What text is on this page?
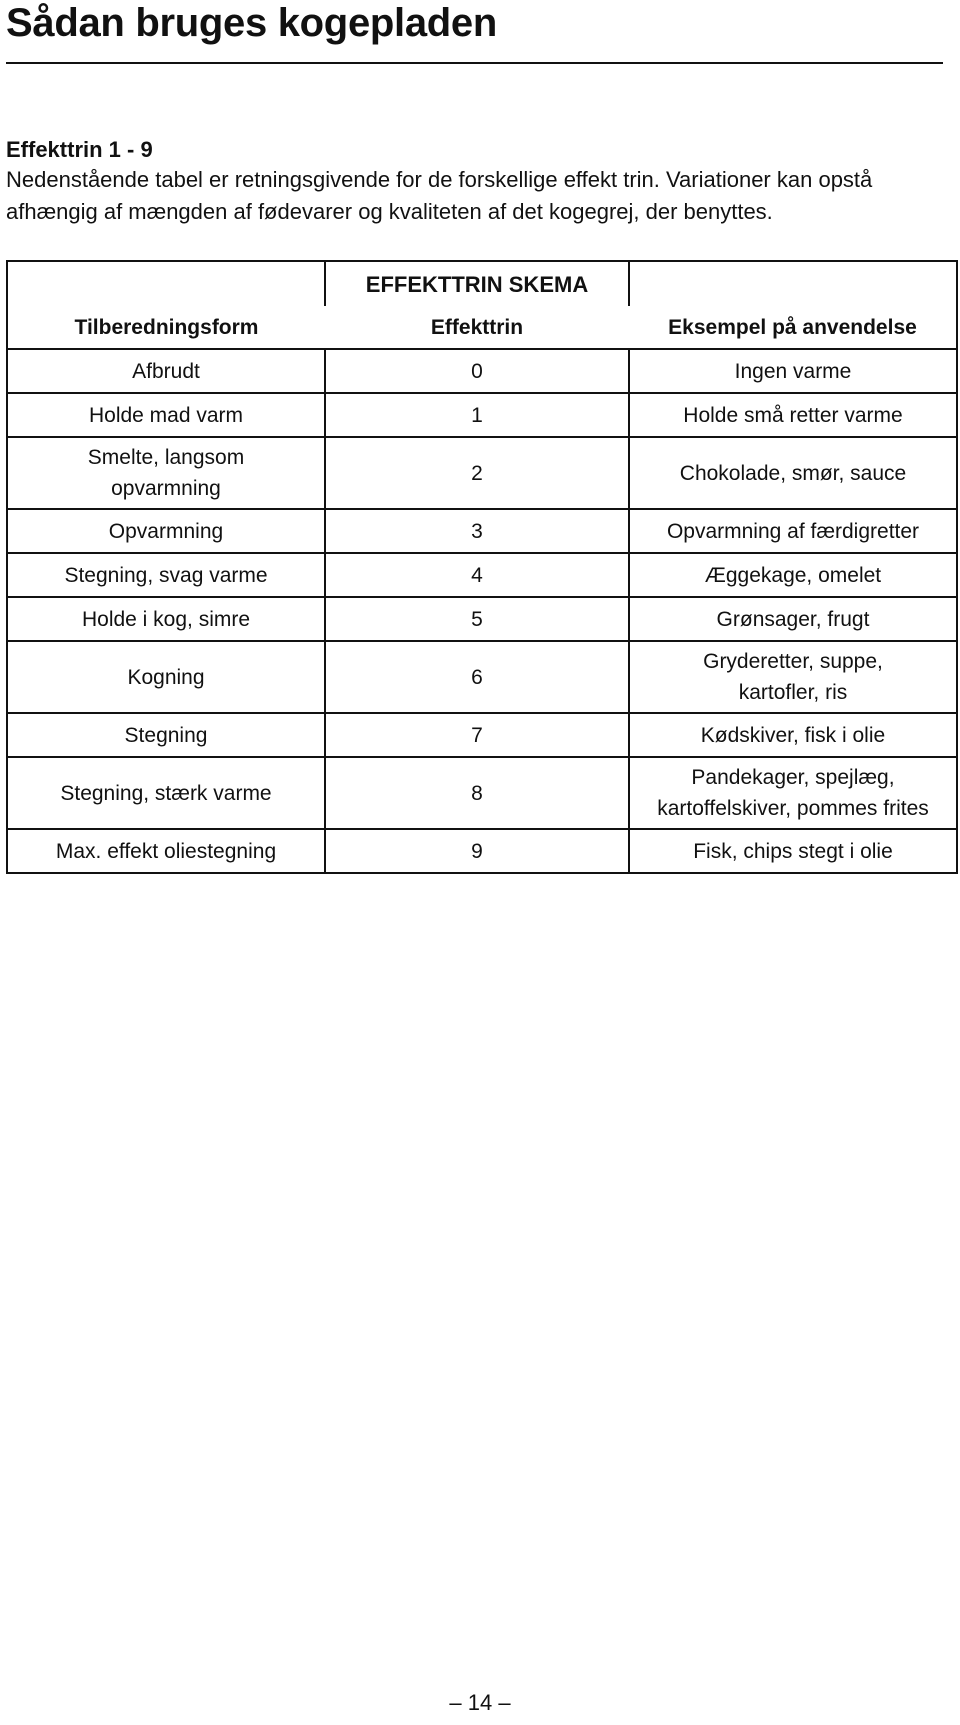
Sådan bruges kogepladen
Effekttrin 1 - 9
Nedenstående tabel er retningsgivende for de forskellige effekt trin. Variationer kan opstå afhængig af mængden af fødevarer og kvaliteten af det kogegrej, der benyttes.
	EFFEKTTRIN SKEMA	
Tilberedningsform	Effekttrin	Eksempel på anvendelse
Afbrudt	0	Ingen varme
Holde mad varm	1	Holde små retter varme
Smelte, langsom opvarmning	2	Chokolade, smør, sauce
Opvarmning	3	Opvarmning af færdigretter
Stegning, svag varme	4	Æggekage, omelet
Holde i kog, simre	5	Grønsager, frugt
Kogning	6	Gryderetter, suppe, kartofler, ris
Stegning	7	Kødskiver, fisk i olie
Stegning, stærk varme	8	Pandekager, spejlæg, kartoffelskiver, pommes frites
Max. effekt oliestegning	9	Fisk, chips stegt i olie
– 14 –
